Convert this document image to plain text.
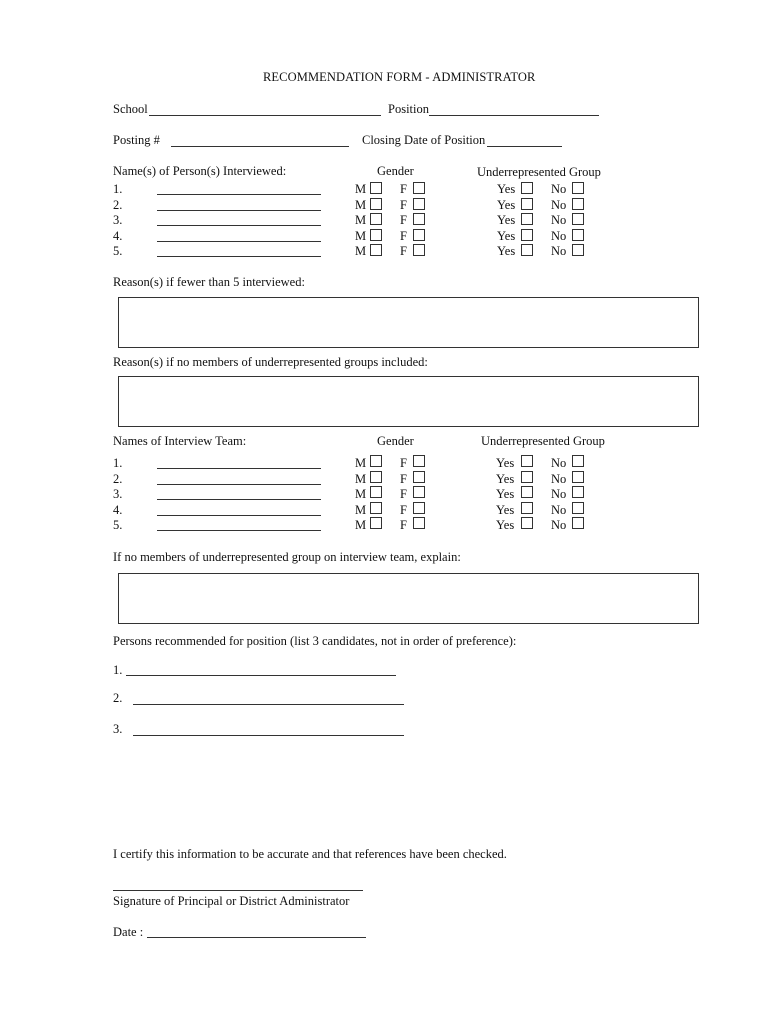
RECOMMENDATION FORM - ADMINISTRATOR
School	Position
Posting #	Closing Date of Position
Name(s) of Person(s) Interviewed:	Gender	Underrepresented Group
1.	M	F	Yes	No
2.	M	F	Yes	No
3.	M	F	Yes	No
4.	M	F	Yes	No
5.	M	F	Yes	No
Reason(s) if fewer than 5 interviewed:
Reason(s) if no members of underrepresented groups included:
Names of Interview Team:	Gender	Underrepresented Group
1.	M	F	Yes	No
2.	M	F	Yes	No
3.	M	F	Yes	No
4.	M	F	Yes	No
5.	M	F	Yes	No
If no members of underrepresented group on interview team, explain:
Persons recommended for position (list 3 candidates, not in order of preference):
1.
2.
3.
I certify this information to be accurate and that references have been checked.
Signature of Principal or District Administrator
Date :
